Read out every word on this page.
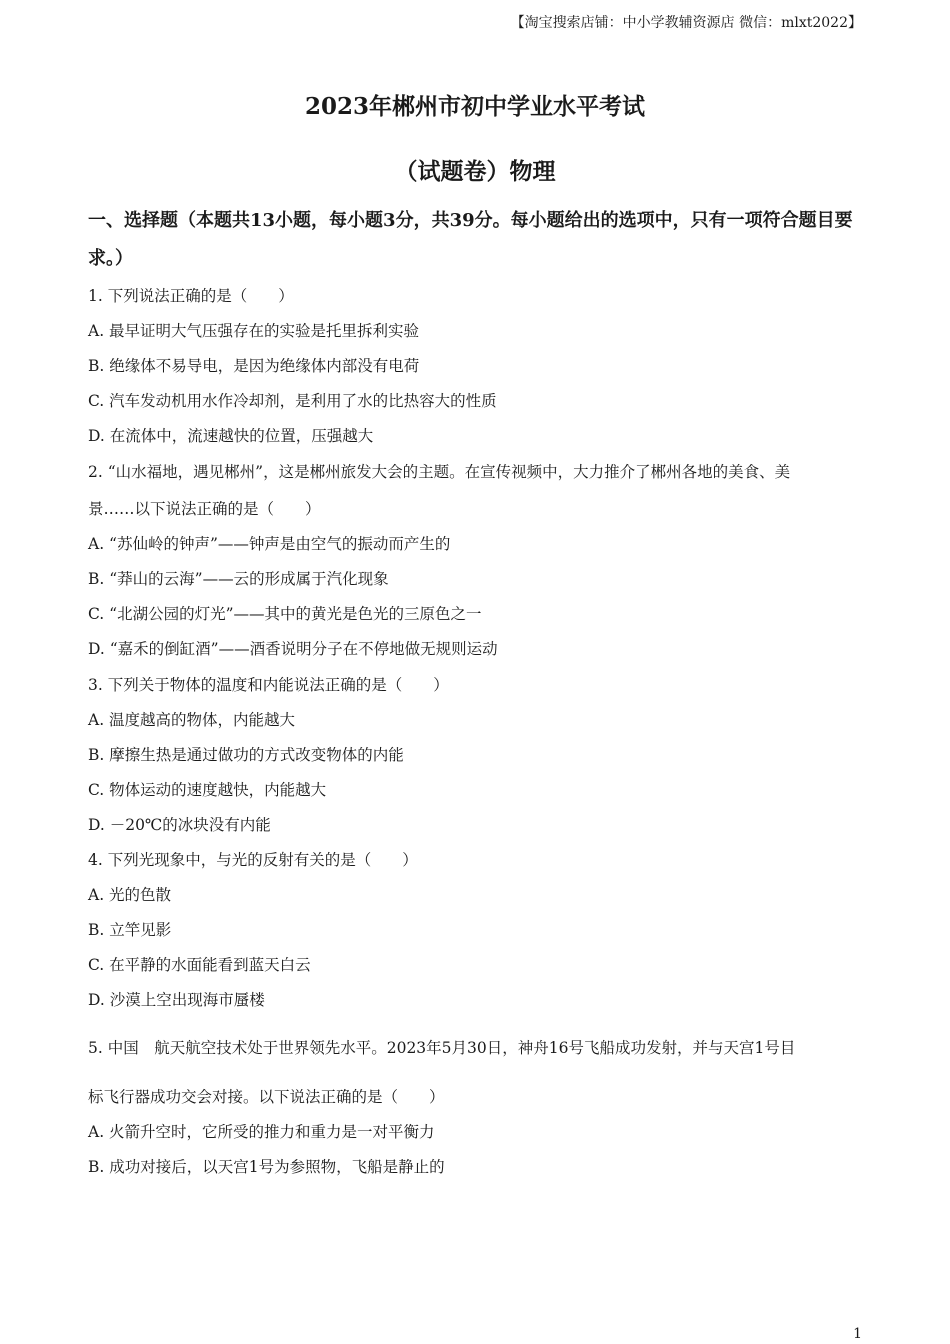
【淘宝搜索店铺：中小学教辅资源店 微信：mlxt2022】
2023年郴州市初中学业水平考试
（试题卷）物理
一、选择题（本题共13小题，每小题3分，共39分。每小题给出的选项中，只有一项符合题目要求。）
1. 下列说法正确的是（　　）
A. 最早证明大气压强存在的实验是托里拆利实验
B. 绝缘体不易导电，是因为绝缘体内部没有电荷
C. 汽车发动机用水作冷却剂，是利用了水的比热容大的性质
D. 在流体中，流速越快的位置，压强越大
2. “山水福地，遇见郴州”，这是郴州旅发大会的主题。在宣传视频中，大力推介了郴州各地的美食、美
景……以下说法正确的是（　　）
A. “苏仙岭的钟声”——钟声是由空气的振动而产生的
B. “莽山的云海”——云的形成属于汽化现象
C. “北湖公园的灯光”——其中的黄光是色光的三原色之一
D. “嘉禾的倒缸酒”——酒香说明分子在不停地做无规则运动
3. 下列关于物体的温度和内能说法正确的是（　　）
A. 温度越高的物体，内能越大
B. 摩擦生热是通过做功的方式改变物体的内能
C. 物体运动的速度越快，内能越大
D. －20℃的冰块没有内能
4. 下列光现象中，与光的反射有关的是（　　）
A. 光的色散
B. 立竿见影
C. 在平静的水面能看到蓝天白云
D. 沙漠上空出现海市蜃楼
5. 中国　航天航空技术处于世界领先水平。2023年5月30日，神舟16号飞船成功发射，并与天宫1号目
标飞行器成功交会对接。以下说法正确的是（　　）
A. 火箭升空时，它所受的推力和重力是一对平衡力
B. 成功对接后，以天宫1号为参照物，飞船是静止的
1
